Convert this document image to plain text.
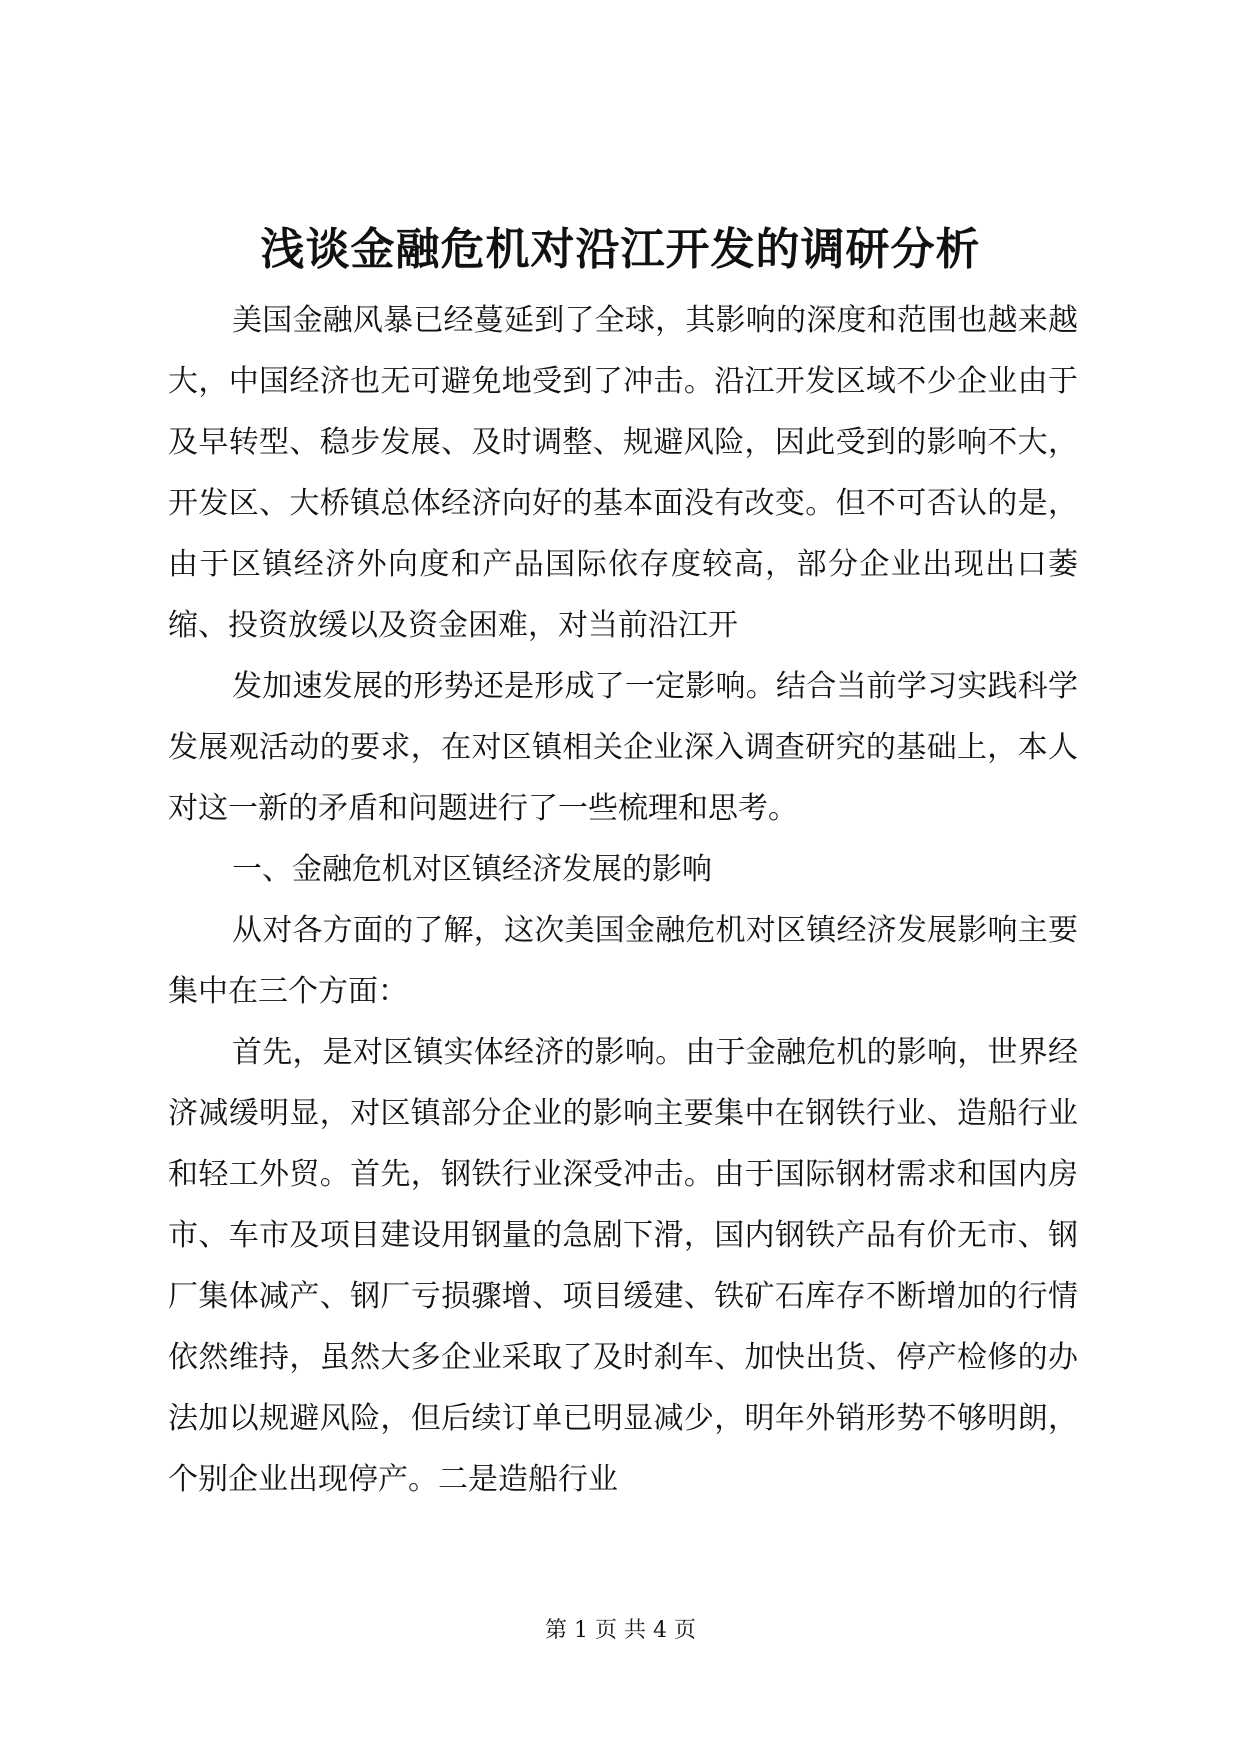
浅谈金融危机对沿江开发的调研分析

美国金融风暴已经蔓延到了全球，其影响的深度和范围也越来越大，中国经济也无可避免地受到了冲击。沿江开发区域不少企业由于及早转型、稳步发展、及时调整、规避风险，因此受到的影响不大，开发区、大桥镇总体经济向好的基本面没有改变。但不可否认的是，由于区镇经济外向度和产品国际依存度较高，部分企业出现出口萎缩、投资放缓以及资金困难，对当前沿江开

发加速发展的形势还是形成了一定影响。结合当前学习实践科学发展观活动的要求，在对区镇相关企业深入调查研究的基础上，本人对这一新的矛盾和问题进行了一些梳理和思考。

一、金融危机对区镇经济发展的影响

从对各方面的了解，这次美国金融危机对区镇经济发展影响主要集中在三个方面：

首先，是对区镇实体经济的影响。由于金融危机的影响，世界经济减缓明显，对区镇部分企业的影响主要集中在钢铁行业、造船行业和轻工外贸。首先，钢铁行业深受冲击。由于国际钢材需求和国内房市、车市及项目建设用钢量的急剧下滑，国内钢铁产品有价无市、钢厂集体减产、钢厂亏损骤增、项目缓建、铁矿石库存不断增加的行情依然维持，虽然大多企业采取了及时刹车、加快出货、停产检修的办法加以规避风险，但后续订单已明显减少，明年外销形势不够明朗，个别企业出现停产。二是造船行业

第 1 页 共 4 页
